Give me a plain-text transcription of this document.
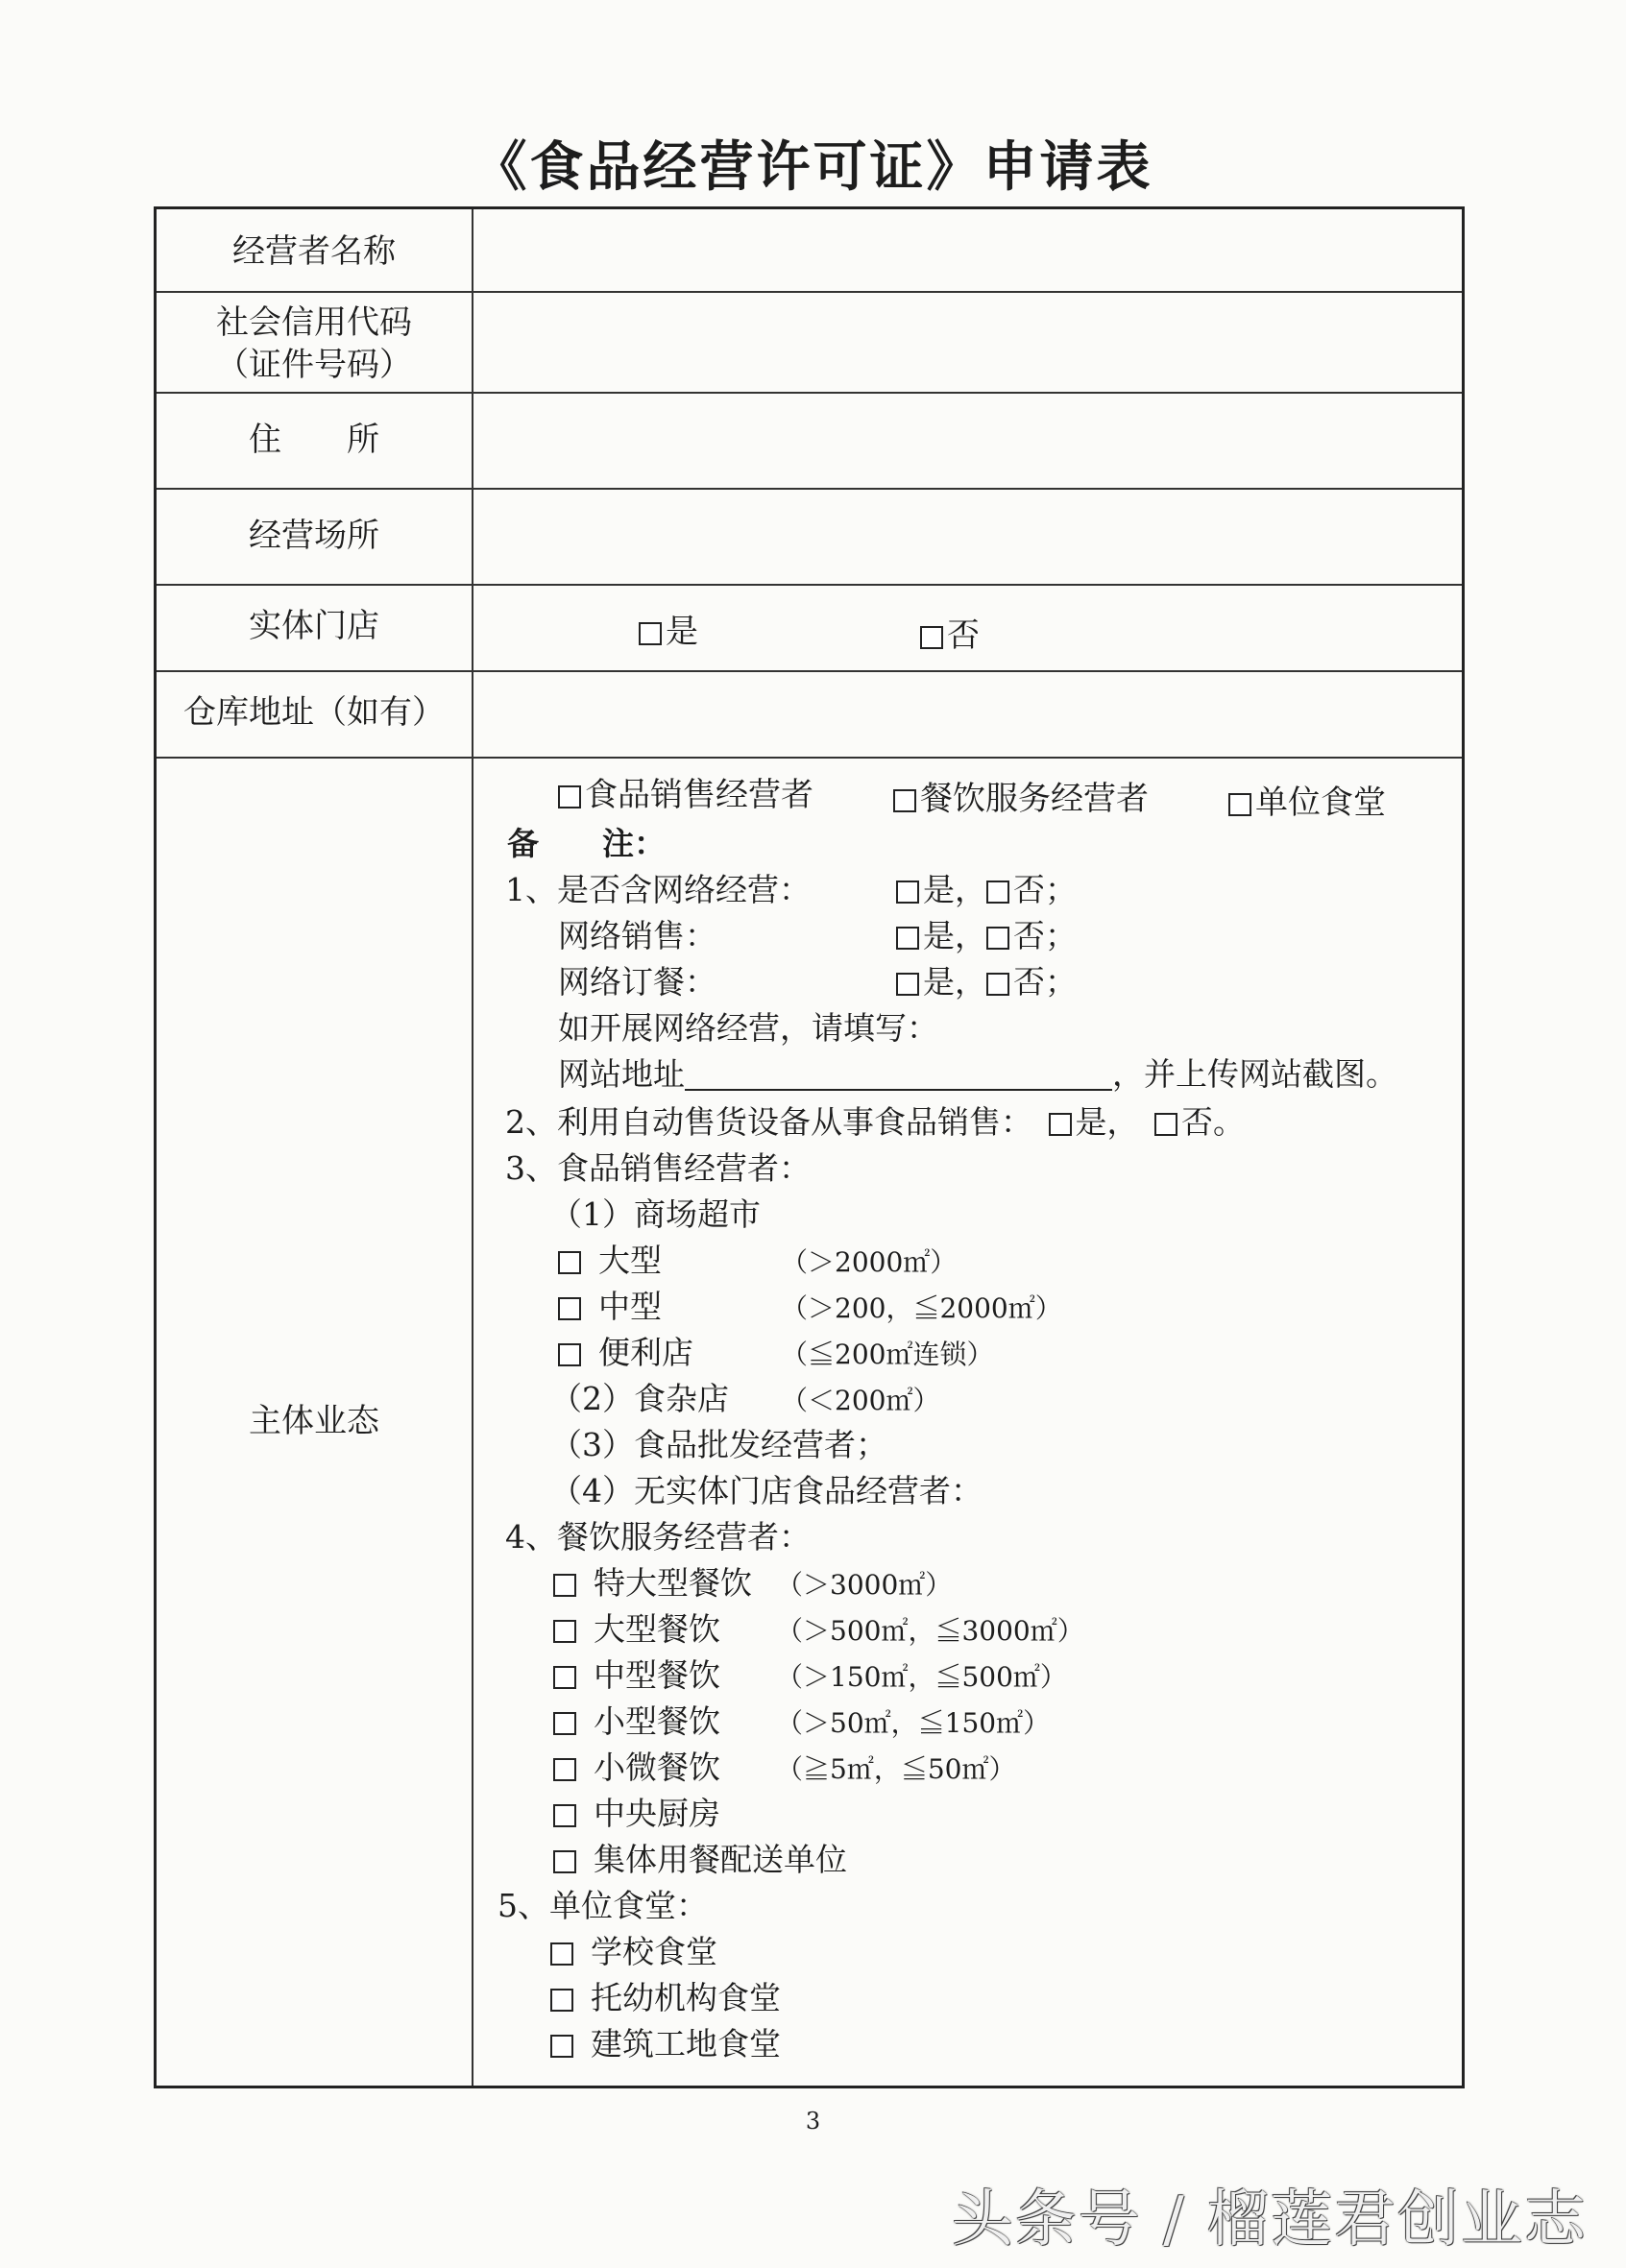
《食品经营许可证》申请表
经营者名称
社会信用代码
（证件号码）
住　　所
经营场所
实体门店	是	否
仓库地址（如有）
主体业态
食品销售经营者	餐饮服务经营者	单位食堂
备　　注：
1、是否含网络经营：	是， 否；
网络销售：	是， 否；
网络订餐：	是， 否；
如开展网络经营，请填写：
网站地址	，并上传网站截图。
2、利用自动售货设备从事食品销售：　 是，　 否。
3、食品销售经营者：
（1）商场超市
大型	（＞2000㎡）
中型	（＞200，≦2000㎡）
便利店	（≦200㎡连锁）
（2）食杂店 （＜200㎡）
（3）食品批发经营者；
（4）无实体门店食品经营者：
4、餐饮服务经营者：
特大型餐饮 （＞3000㎡）
大型餐饮 （＞500㎡，≦3000㎡）
中型餐饮 （＞150㎡，≦500㎡）
小型餐饮 （＞50㎡，≦150㎡）
小微餐饮 （≧5㎡，≦50㎡）
中央厨房
集体用餐配送单位
5、单位食堂：
学校食堂
托幼机构食堂
建筑工地食堂
3
头条号 / 榴莲君创业志
